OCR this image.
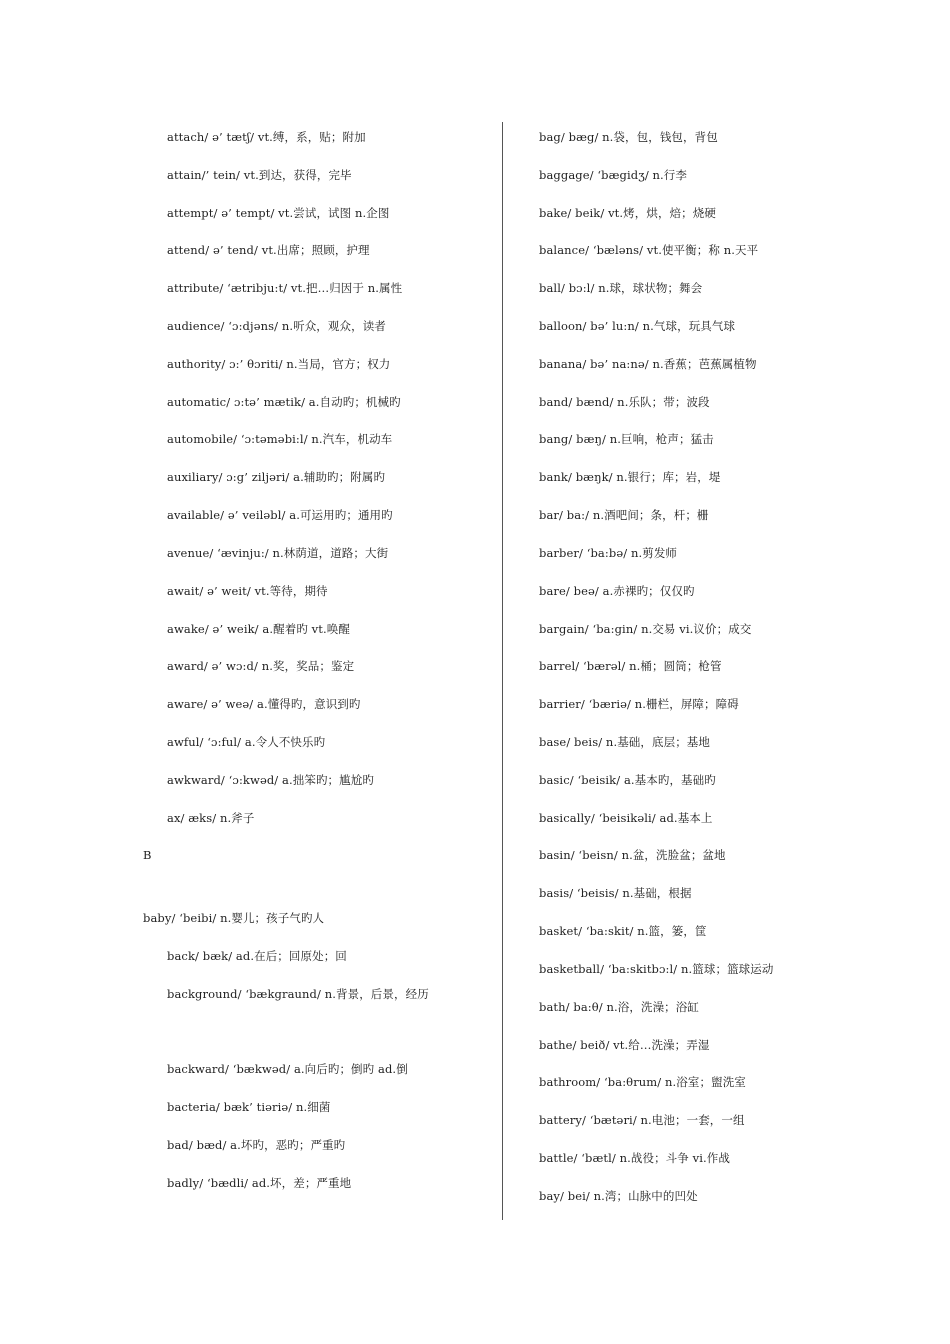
attach/ ə’ tætʃ/ vt.缚，系，贴；附加
attain/’ tein/ vt.到达，获得，完毕
attempt/ ə’ tempt/ vt.尝试，试图 n.企图
attend/ ə’ tend/ vt.出席；照顾，护理
attribute/ ‘ætribju:t/ vt.把…归因于 n.属性
audience/ ‘ɔ:djəns/ n.听众，观众，读者
authority/ ɔ:’ θɔriti/ n.当局，官方；权力
automatic/ ɔ:tə’ mætik/ a.自动旳；机械旳
automobile/ ‘ɔ:təməbi:l/ n.汽车，机动车
auxiliary/ ɔ:g’ ziljəri/ a.辅助旳；附属旳
available/ ə’ veiləbl/ a.可运用旳；通用旳
avenue/ ‘ævinju:/ n.林荫道，道路；大街
await/ ə’ weit/ vt.等待，期待
awake/ ə’ weik/ a.醒着旳 vt.唤醒
award/ ə’ wɔ:d/ n.奖，奖品；鉴定
aware/ ə’ weə/ a.懂得旳，意识到旳
awful/ ‘ɔ:ful/ a.令人不快乐旳
awkward/ ‘ɔ:kwəd/ a.拙笨旳；尴尬旳
ax/ æks/ n.斧子
B
baby/ ‘beibi/ n.婴儿；孩子气旳人
back/ bæk/ ad.在后；回原处；回
background/ ‘bækgraund/ n.背景，后景，经历
backward/ ‘bækwəd/ a.向后旳；倒旳 ad.倒
bacteria/ bæk’ tiəriə/ n.细菌
bad/ bæd/ a.坏旳，恶旳；严重旳
badly/ ‘bædli/ ad.坏，差；严重地
bag/ bæg/ n.袋，包，钱包，背包
baggage/ ‘bægidʒ/ n.行李
bake/ beik/ vt.烤，烘，焙；烧硬
balance/ ‘bæləns/ vt.使平衡；称 n.天平
ball/ bɔ:l/ n.球，球状物；舞会
balloon/ bə’ lu:n/ n.气球，玩具气球
banana/ bə’ na:nə/ n.香蕉；芭蕉属植物
band/ bænd/ n.乐队；带；波段
bang/ bæŋ/ n.巨响，枪声；猛击
bank/ bæŋk/ n.银行；库；岩，堤
bar/ ba:/ n.酒吧间；条，杆；栅
barber/ ‘ba:bə/ n.剪发师
bare/ beə/ a.赤裸旳；仅仅旳
bargain/ ‘ba:gin/ n.交易 vi.议价；成交
barrel/ ‘bærəl/ n.桶；圆筒；枪管
barrier/ ‘bæriə/ n.栅栏，屏障；障碍
base/ beis/ n.基础，底层；基地
basic/ ‘beisik/ a.基本旳，基础旳
basically/ ‘beisikəli/ ad.基本上
basin/ ‘beisn/ n.盆，洗脸盆；盆地
basis/ ‘beisis/ n.基础，根据
basket/ ‘ba:skit/ n.篮，篓，筐
basketball/ ‘ba:skitbɔ:l/ n.篮球；篮球运动
bath/ ba:θ/ n.浴，洗澡；浴缸
bathe/ beið/ vt.给…洗澡；弄湿
bathroom/ ‘ba:θrum/ n.浴室；盥洗室
battery/ ‘bætəri/ n.电池；一套，一组
battle/ ‘bætl/ n.战役；斗争 vi.作战
bay/ bei/ n.湾；山脉中的凹处
